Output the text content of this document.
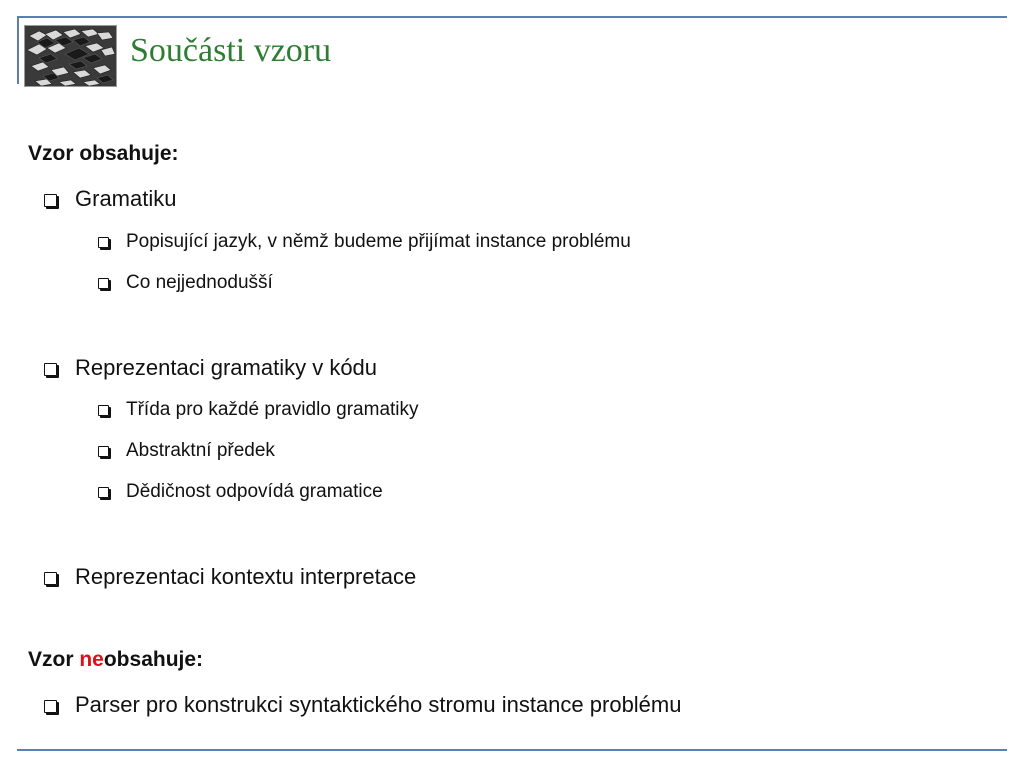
Součásti vzoru
Vzor obsahuje:
Gramatiku
Popisující jazyk, v němž budeme přijímat instance problému
Co nejjednodušší
Reprezentaci gramatiky v kódu
Třída pro každé pravidlo gramatiky
Abstraktní předek
Dědičnost odpovídá gramatice
Reprezentaci kontextu interpretace
Vzor neobsahuje:
Parser pro konstrukci syntaktického stromu instance problému
